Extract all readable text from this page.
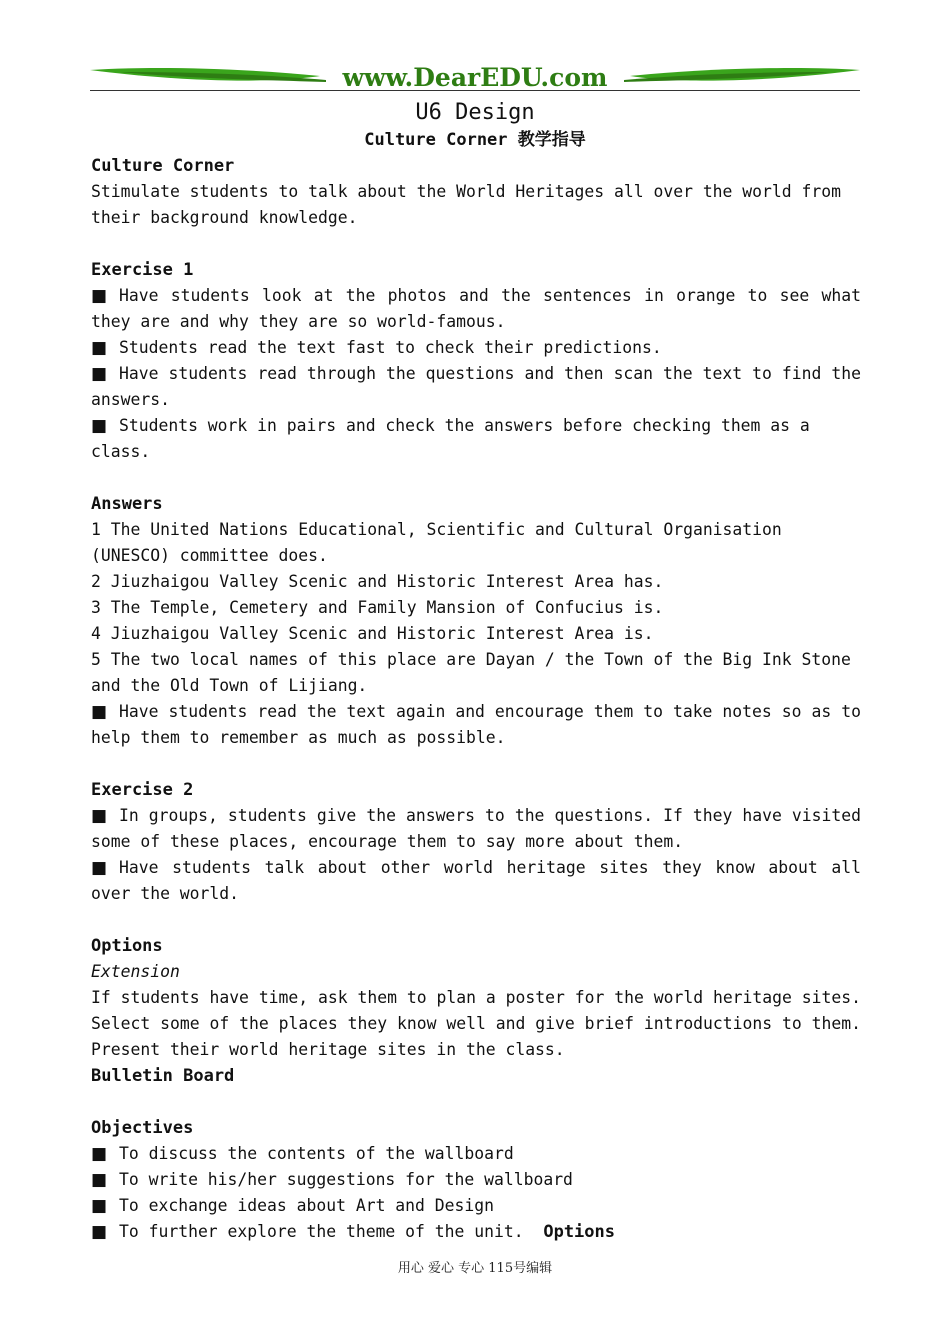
www.DearEDU.com
U6 Design
Culture Corner 教学指导

Culture Corner

Stimulate students to talk about the World Heritages all over the world from their background knowledge.

Exercise 1

■Have students look at the photos and the sentences in orange to see what they are and why they are so world-famous.

■Students read the text fast to check their predictions.

■Have students read through the questions and then scan the text to find the answers.

■Students work in pairs and check the answers before checking them as a class.

Answers

1 The United Nations Educational, Scientific and Cultural Organisation (UNESCO) committee does.

2 Jiuzhaigou Valley Scenic and Historic Interest Area has.

3 The Temple, Cemetery and Family Mansion of Confucius is.

4 Jiuzhaigou Valley Scenic and Historic Interest Area is.

5 The two local names of this place are Dayan / the Town of the Big Ink Stone and the Old Town of Lijiang.

■Have students read the text again and encourage them to take notes so as to help them to remember as much as possible.

Exercise 2

■In groups, students give the answers to the questions. If they have visited some of these places, encourage them to say more about them.

■Have students talk about other world heritage sites they know about all over the world.

Options

Extension

If students have time, ask them to plan a poster for the world heritage sites. Select some of the places they know well and give brief introductions to them. Present their world heritage sites in the class.

Bulletin Board

Objectives

■To discuss the contents of the wallboard

■To write his/her suggestions for the wallboard

■To exchange ideas about Art and Design

■To further explore the theme of the unit. Options

用心 爱心 专心 115号编辑
